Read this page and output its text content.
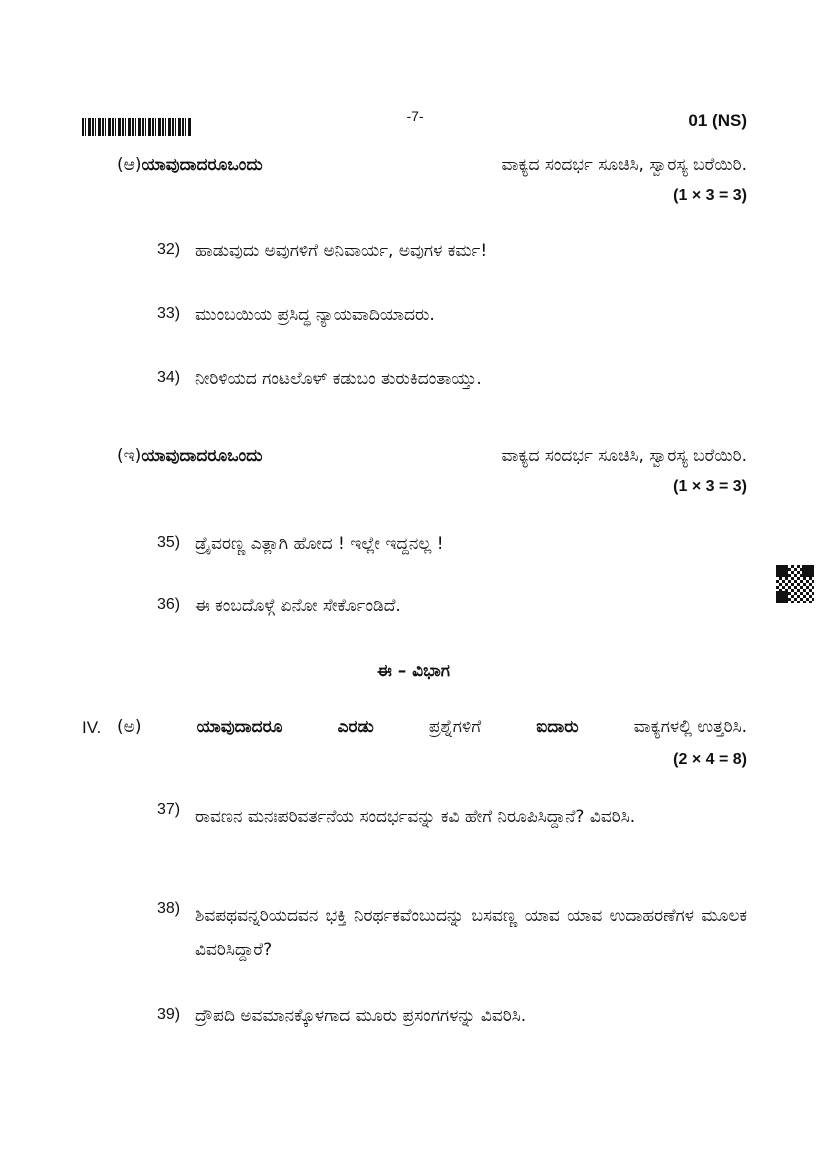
-7-	01 (NS)
(ಆ) ಯಾವುದಾದರೂ ಒಂದು	ವಾಕ್ಯದ ಸಂದರ್ಭ ಸೂಚಿಸಿ, ಸ್ವಾರಸ್ಯ ಬರೆಯಿರಿ.
(1 × 3 = 3)
32) ಹಾಡುವುದು ಅವುಗಳಿಗೆ ಅನಿವಾರ್ಯ, ಅವುಗಳ ಕರ್ಮ!
33) ಮುಂಬಯಿಯ ಪ್ರಸಿದ್ಧ ನ್ಯಾಯವಾದಿಯಾದರು.
34) ನೀರಿಳಿಯದ ಗಂಟಲೊಳ್ ಕಡುಬಂ ತುರುಕಿದಂತಾಯ್ತು.
(ಇ) ಯಾವುದಾದರೂ ಒಂದು	ವಾಕ್ಯದ ಸಂದರ್ಭ ಸೂಚಿಸಿ, ಸ್ವಾರಸ್ಯ ಬರೆಯಿರಿ.
(1 × 3 = 3)
35) ಡ್ರೈವರಣ್ಣ ಎತ್ಲಾಗಿ ಹೋದ ! ಇಲ್ಲೇ ಇದ್ದನಲ್ಲ !
36) ಈ ಕಂಬದೊಳ್ಗೆ ಏನೋ ಸೇರ್ಕೊಂಡಿದೆ.
ಈ – ವಿಭಾಗ
IV. (ಅ)	ಯಾವುದಾದರೂ	ಎರಡು	ಪ್ರಶ್ನೆಗಳಿಗೆ	ಐದಾರು	ವಾಕ್ಯಗಳಲ್ಲಿ ಉತ್ತರಿಸಿ.
(2 × 4 = 8)
37) ರಾವಣನ ಮನಃಪರಿವರ್ತನೆಯ ಸಂದರ್ಭವನ್ನು ಕವಿ ಹೇಗೆ ನಿರೂಪಿಸಿದ್ದಾನೆ? ವಿವರಿಸಿ.
38) ಶಿವಪಥವನ್ನರಿಯದವನ ಭಕ್ತಿ ನಿರರ್ಥಕವೆಂಬುದನ್ನು ಬಸವಣ್ಣ ಯಾವ ಯಾವ ಉದಾಹರಣೆಗಳ ಮೂಲಕ ವಿವರಿಸಿದ್ದಾರೆ?
39) ದ್ರೌಪದಿ ಅವಮಾನಕ್ಕೊಳಗಾದ ಮೂರು ಪ್ರಸಂಗಗಳನ್ನು ವಿವರಿಸಿ.
